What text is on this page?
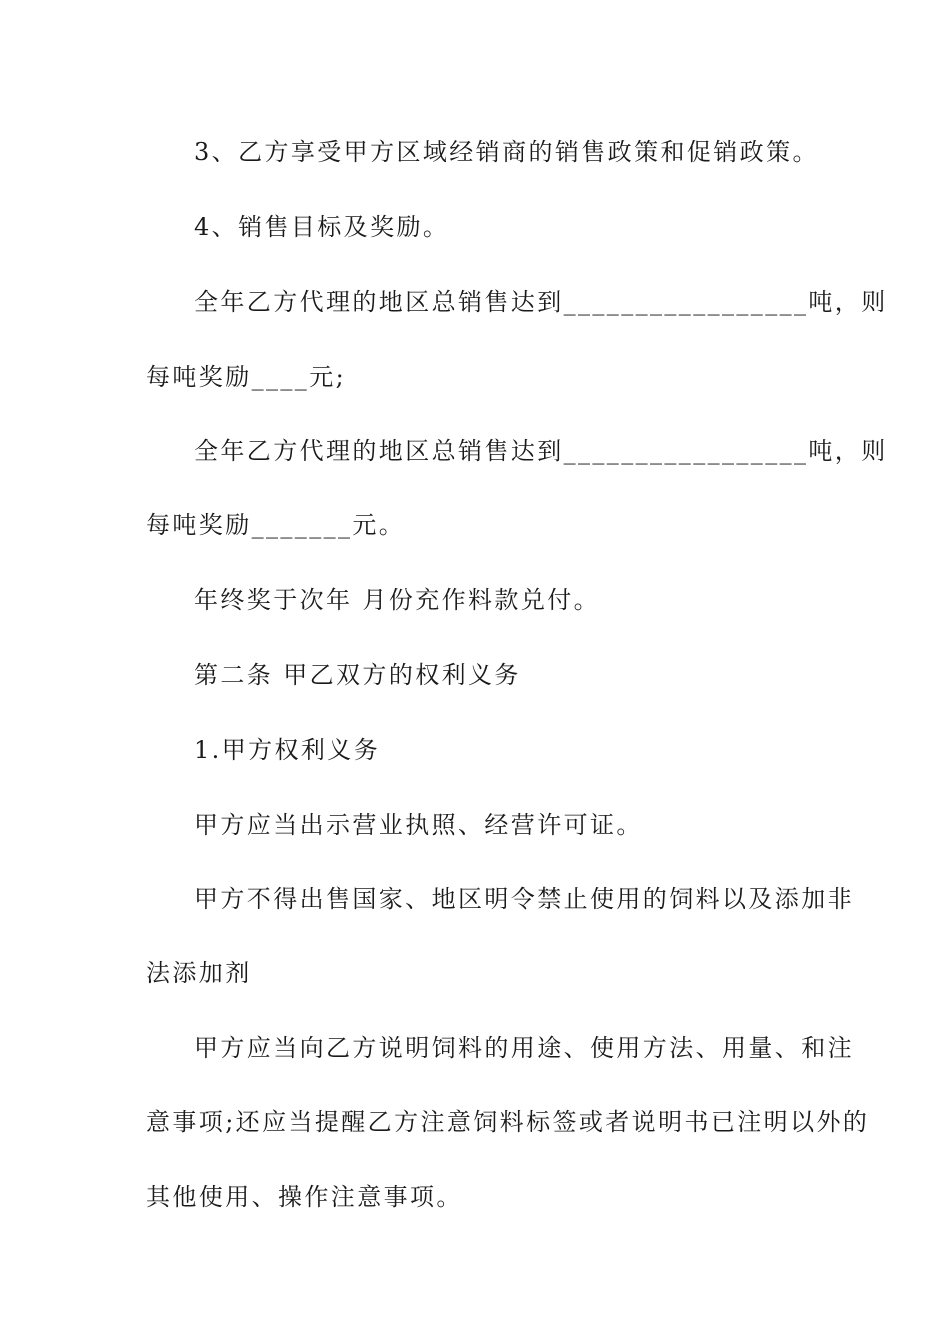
3、乙方享受甲方区域经销商的销售政策和促销政策。
4、销售目标及奖励。
全年乙方代理的地区总销售达到_________________吨，则
每吨奖励____元;
全年乙方代理的地区总销售达到_________________吨，则
每吨奖励_______元。
年终奖于次年 月份充作料款兑付。
第二条 甲乙双方的权利义务
1.甲方权利义务
甲方应当出示营业执照、经营许可证。
甲方不得出售国家、地区明令禁止使用的饲料以及添加非
法添加剂
甲方应当向乙方说明饲料的用途、使用方法、用量、和注
意事项;还应当提醒乙方注意饲料标签或者说明书已注明以外的
其他使用、操作注意事项。
